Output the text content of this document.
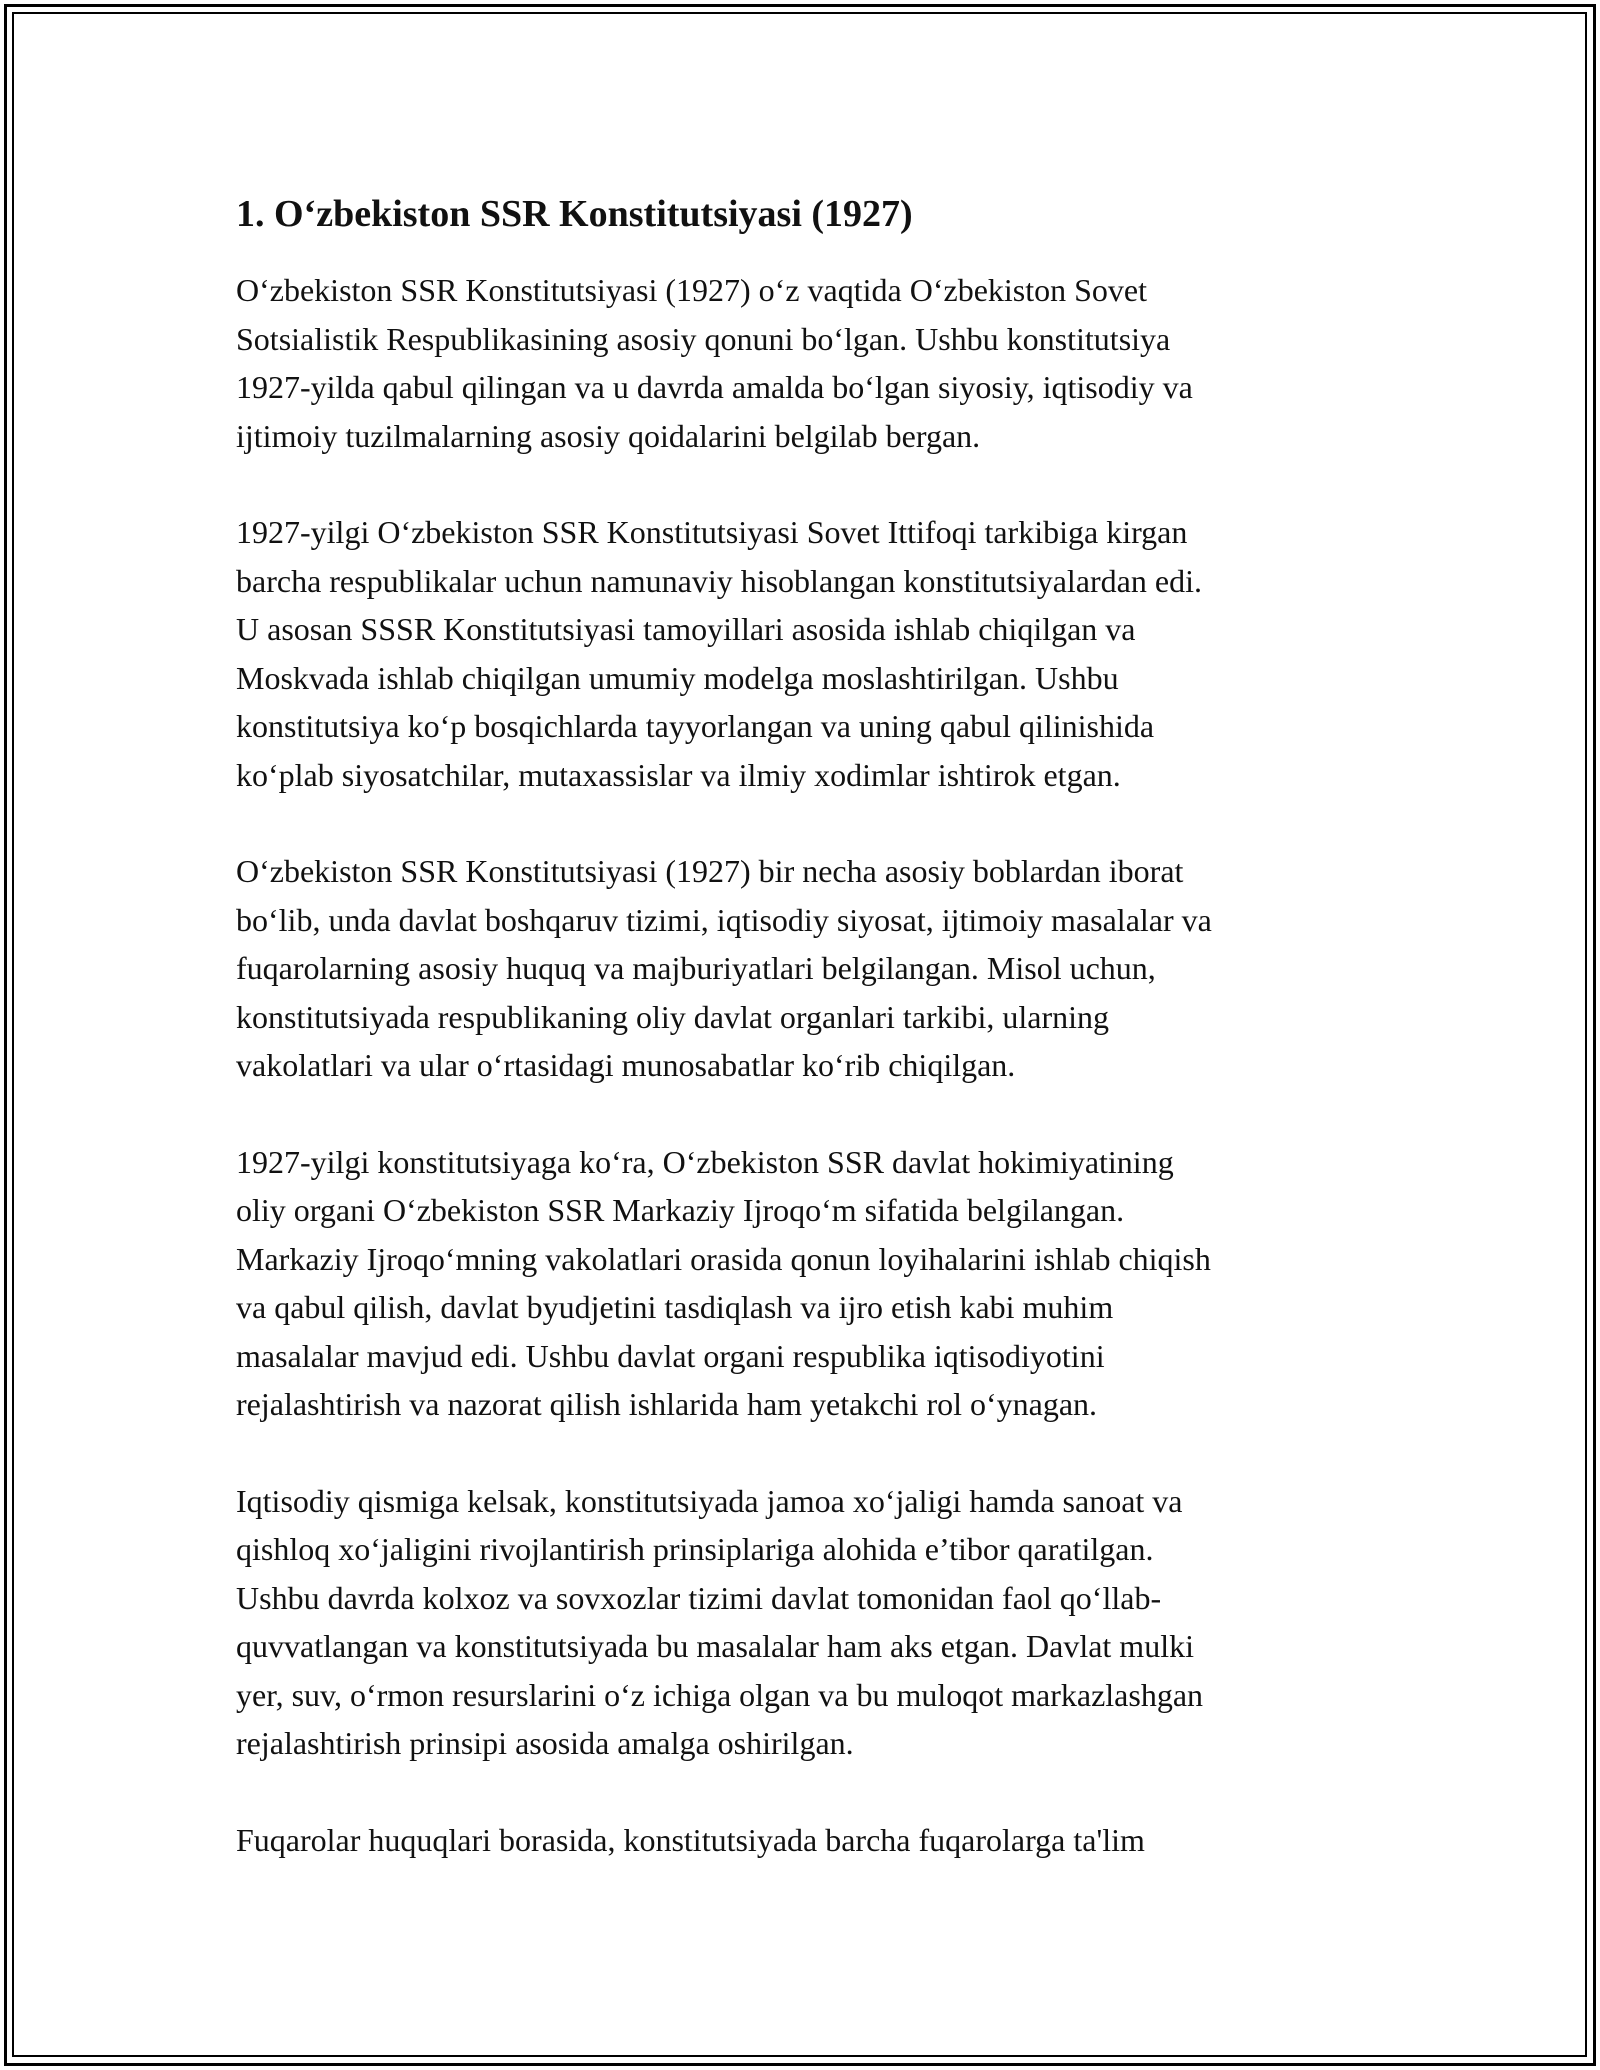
1. O‘zbekiston SSR Konstitutsiyasi (1927)

O‘zbekiston SSR Konstitutsiyasi (1927) o‘z vaqtida O‘zbekiston Sovet
Sotsialistik Respublikasining asosiy qonuni bo‘lgan. Ushbu konstitutsiya
1927-yilda qabul qilingan va u davrda amalda bo‘lgan siyosiy, iqtisodiy va
ijtimoiy tuzilmalarning asosiy qoidalarini belgilab bergan.

1927-yilgi O‘zbekiston SSR Konstitutsiyasi Sovet Ittifoqi tarkibiga kirgan
barcha respublikalar uchun namunaviy hisoblangan konstitutsiyalardan edi.
U asosan SSSR Konstitutsiyasi tamoyillari asosida ishlab chiqilgan va
Moskvada ishlab chiqilgan umumiy modelga moslashtirilgan. Ushbu
konstitutsiya ko‘p bosqichlarda tayyorlangan va uning qabul qilinishida
ko‘plab siyosatchilar, mutaxassislar va ilmiy xodimlar ishtirok etgan.

O‘zbekiston SSR Konstitutsiyasi (1927) bir necha asosiy boblardan iborat
bo‘lib, unda davlat boshqaruv tizimi, iqtisodiy siyosat, ijtimoiy masalalar va
fuqarolarning asosiy huquq va majburiyatlari belgilangan. Misol uchun,
konstitutsiyada respublikaning oliy davlat organlari tarkibi, ularning
vakolatlari va ular o‘rtasidagi munosabatlar ko‘rib chiqilgan.

1927-yilgi konstitutsiyaga ko‘ra, O‘zbekiston SSR davlat hokimiyatining
oliy organi O‘zbekiston SSR Markaziy Ijroqo‘m sifatida belgilangan.
Markaziy Ijroqo‘mning vakolatlari orasida qonun loyihalarini ishlab chiqish
va qabul qilish, davlat byudjetini tasdiqlash va ijro etish kabi muhim
masalalar mavjud edi. Ushbu davlat organi respublika iqtisodiyotini
rejalashtirish va nazorat qilish ishlarida ham yetakchi rol o‘ynagan.

Iqtisodiy qismiga kelsak, konstitutsiyada jamoa xo‘jaligi hamda sanoat va
qishloq xo‘jaligini rivojlantirish prinsiplariga alohida e’tibor qaratilgan.
Ushbu davrda kolxoz va sovxozlar tizimi davlat tomonidan faol qo‘llab-
quvvatlangan va konstitutsiyada bu masalalar ham aks etgan. Davlat mulki
yer, suv, o‘rmon resurslarini o‘z ichiga olgan va bu muloqot markazlashgan
rejalashtirish prinsipi asosida amalga oshirilgan.

Fuqarolar huquqlari borasida, konstitutsiyada barcha fuqarolarga ta'lim
